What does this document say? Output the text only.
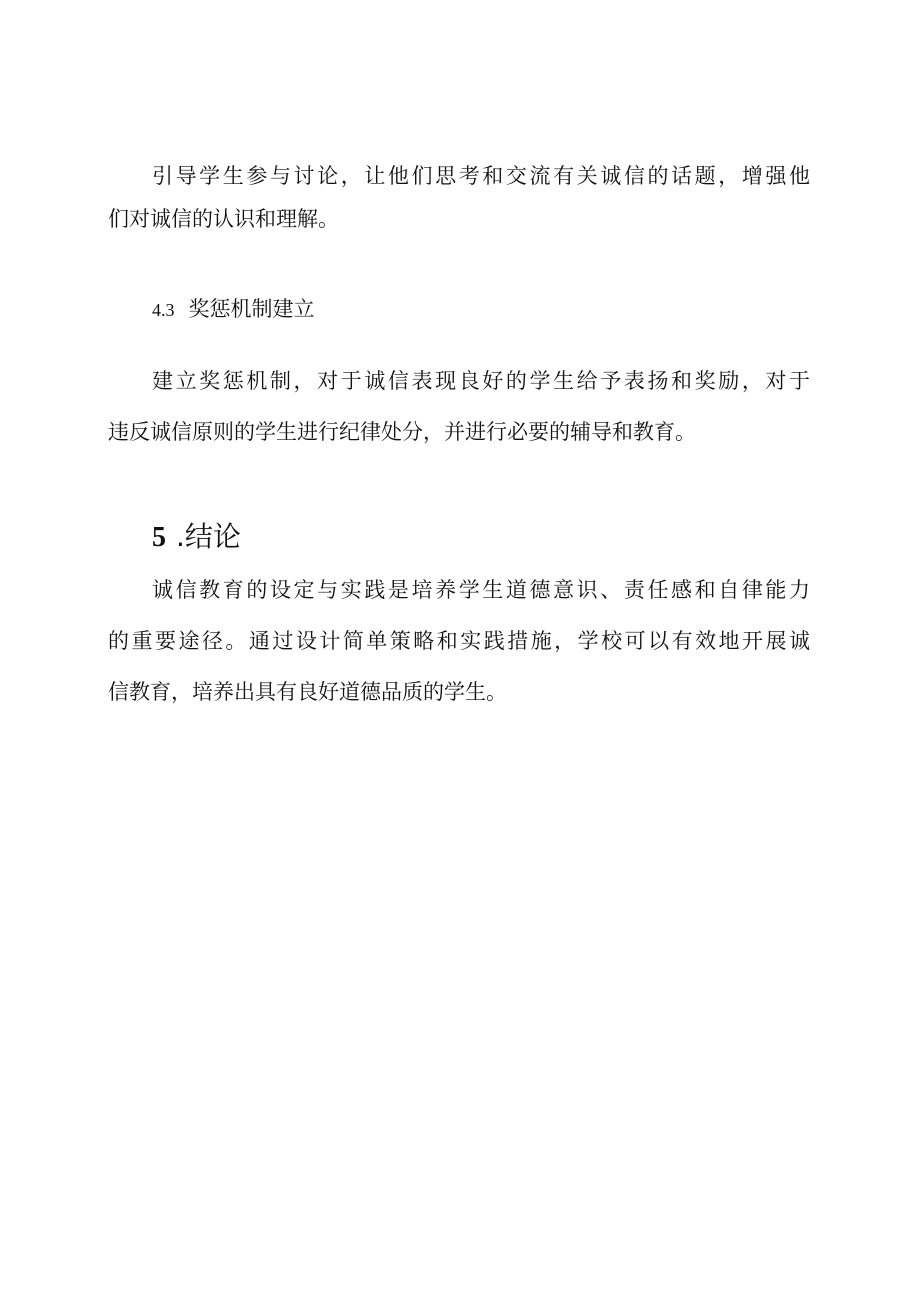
引导学生参与讨论，让他们思考和交流有关诚信的话题，增强他
们对诚信的认识和理解。

4.3 奖惩机制建立

建立奖惩机制，对于诚信表现良好的学生给予表扬和奖励，对于
违反诚信原则的学生进行纪律处分，并进行必要的辅导和教育。

5 .结论

诚信教育的设定与实践是培养学生道德意识、责任感和自律能力
的重要途径。通过设计简单策略和实践措施，学校可以有效地开展诚
信教育，培养出具有良好道德品质的学生。
